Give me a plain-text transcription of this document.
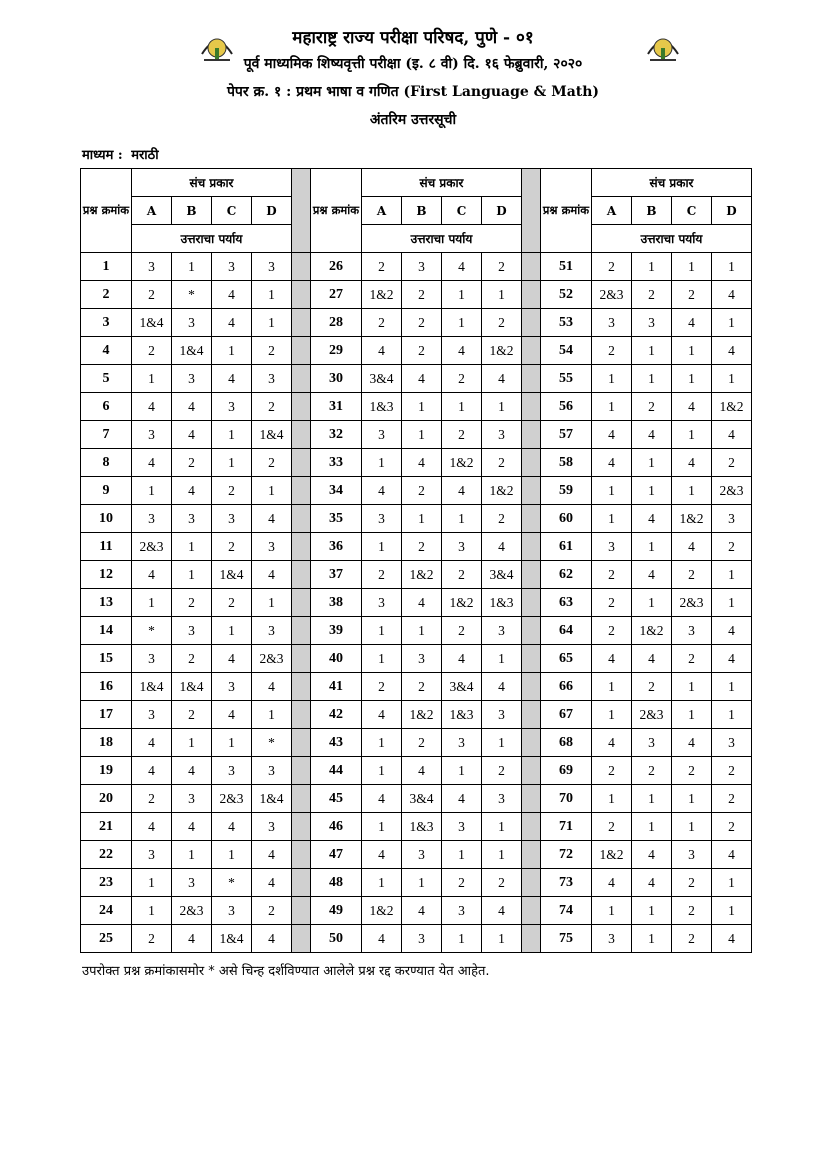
महाराष्ट्र राज्य परीक्षा परिषद, पुणे - ०१
पूर्व माध्यमिक शिष्यवृत्ती परीक्षा (इ. ८ वी) दि. १६ फेब्रुवारी, २०२०
पेपर क्र. १ : प्रथम भाषा व गणित (First Language & Math)
अंतरिम उत्तरसूची
माध्यम : मराठी
प्रश्न क्रमांक	संच प्रकार					प्रश्न क्रमांक	संच प्रकार					प्रश्न क्रमांक	संच प्रकार			
	A	B	C	D			A	B	C	D			A	B	C	D
	उत्तराचा पर्याय						उत्तराचा पर्याय						उत्तराचा पर्याय			
1	3	1	3	3		26	2	3	4	2		51	2	1	1	1
2	2	*	4	1		27	1&2	2	1	1		52	2&3	2	2	4
3	1&4	3	4	1		28	2	2	1	2		53	3	3	4	1
4	2	1&4	1	2		29	4	2	4	1&2		54	2	1	1	4
5	1	3	4	3		30	3&4	4	2	4		55	1	1	1	1
6	4	4	3	2		31	1&3	1	1	1		56	1	2	4	1&2
7	3	4	1	1&4		32	3	1	2	3		57	4	4	1	4
8	4	2	1	2		33	1	4	1&2	2		58	4	1	4	2
9	1	4	2	1		34	4	2	4	1&2		59	1	1	1	2&3
10	3	3	3	4		35	3	1	1	2		60	1	4	1&2	3
11	2&3	1	2	3		36	1	2	3	4		61	3	1	4	2
12	4	1	1&4	4		37	2	1&2	2	3&4		62	2	4	2	1
13	1	2	2	1		38	3	4	1&2	1&3		63	2	1	2&3	1
14	*	3	1	3		39	1	1	2	3		64	2	1&2	3	4
15	3	2	4	2&3		40	1	3	4	1		65	4	4	2	4
16	1&4	1&4	3	4		41	2	2	3&4	4		66	1	2	1	1
17	3	2	4	1		42	4	1&2	1&3	3		67	1	2&3	1	1
18	4	1	1	*		43	1	2	3	1		68	4	3	4	3
19	4	4	3	3		44	1	4	1	2		69	2	2	2	2
20	2	3	2&3	1&4		45	4	3&4	4	3		70	1	1	1	2
21	4	4	4	3		46	1	1&3	3	1		71	2	1	1	2
22	3	1	1	4		47	4	3	1	1		72	1&2	4	3	4
23	1	3	*	4		48	1	1	2	2		73	4	4	2	1
24	1	2&3	3	2		49	1&2	4	3	4		74	1	1	2	1
25	2	4	1&4	4		50	4	3	1	1		75	3	1	2	4
उपरोक्त प्रश्न क्रमांकासमोर * असे चिन्ह दर्शविण्यात आलेले प्रश्न रद्द करण्यात येत आहेत.
